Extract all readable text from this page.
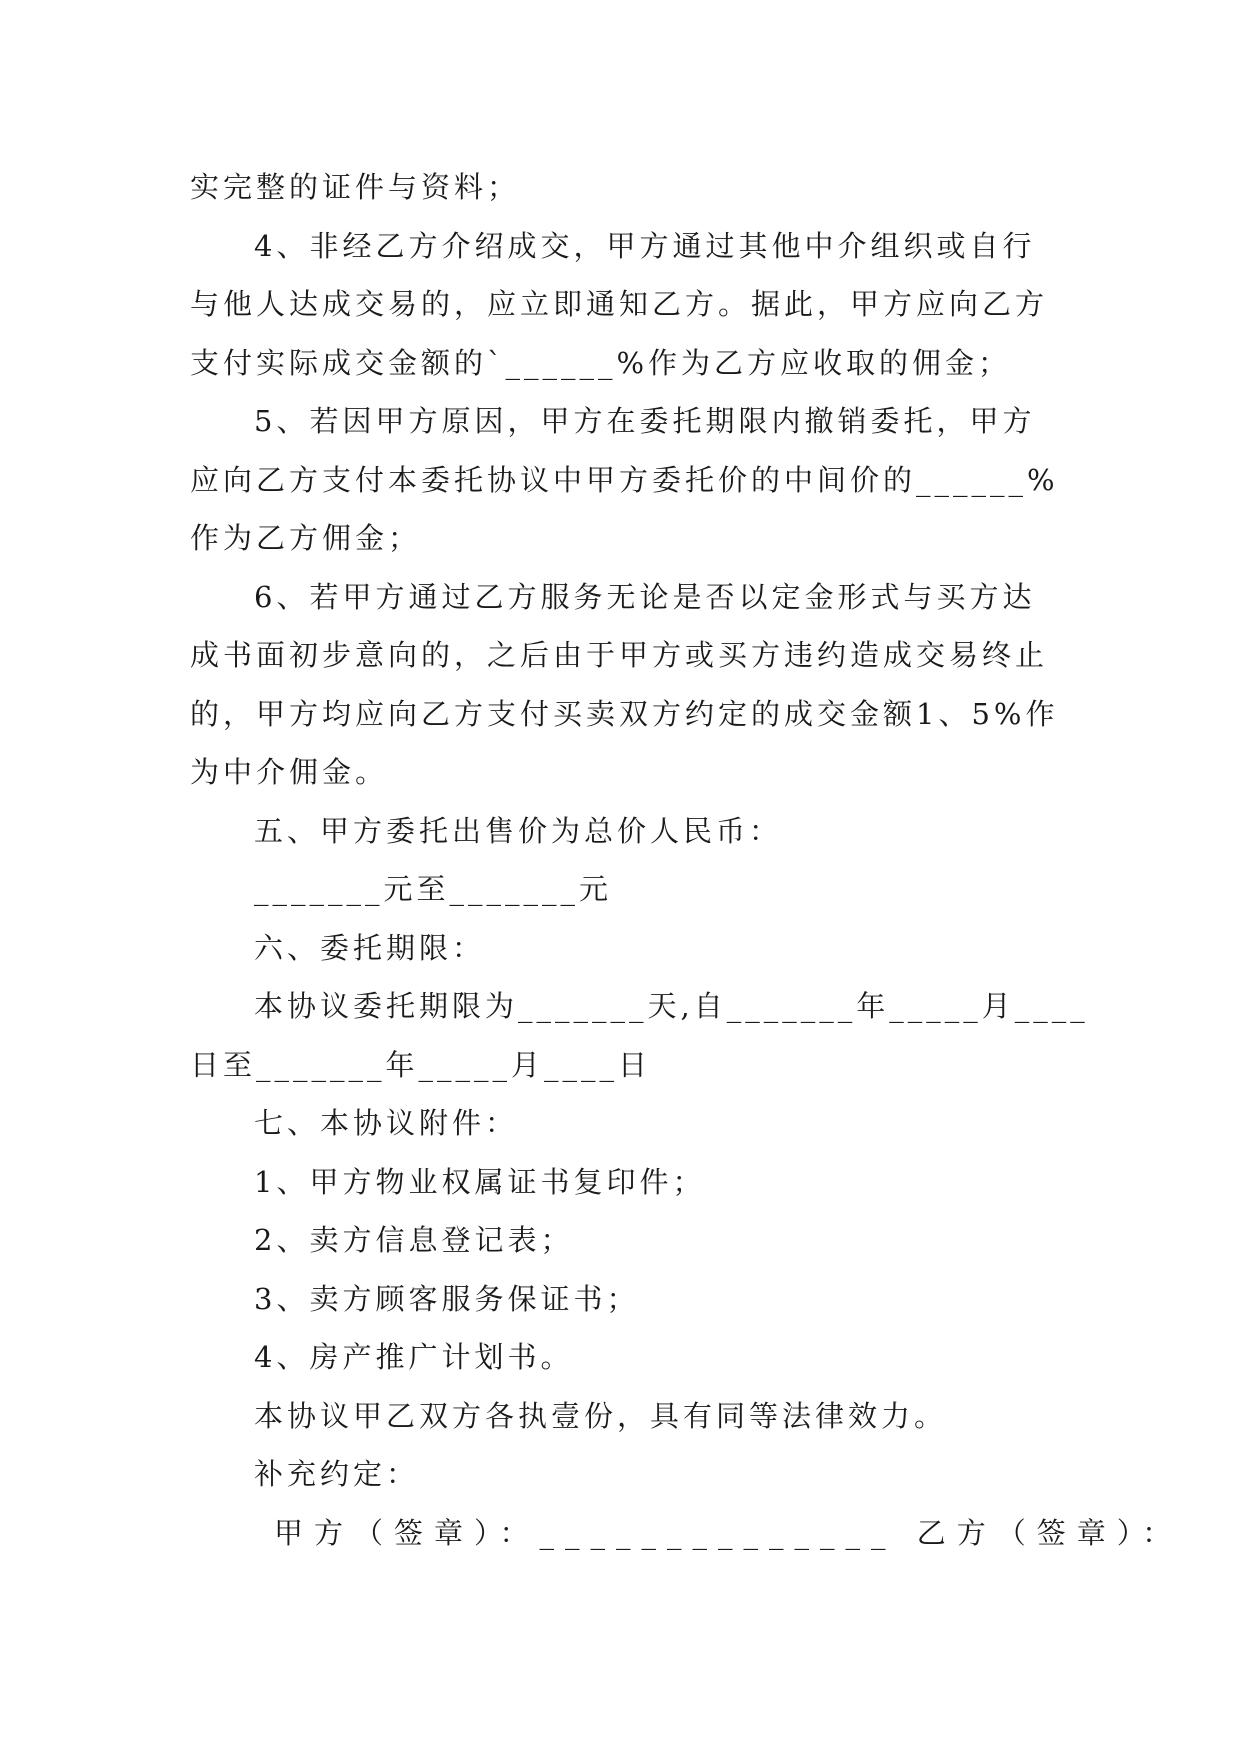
实完整的证件与资料；
4、非经乙方介绍成交，甲方通过其他中介组织或自行
与他人达成交易的，应立即通知乙方。据此，甲方应向乙方
支付实际成交金额的`______%作为乙方应收取的佣金；
5、若因甲方原因，甲方在委托期限内撤销委托，甲方
应向乙方支付本委托协议中甲方委托价的中间价的______%
作为乙方佣金；
6、若甲方通过乙方服务无论是否以定金形式与买方达
成书面初步意向的，之后由于甲方或买方违约造成交易终止
的，甲方均应向乙方支付买卖双方约定的成交金额1、5%作
为中介佣金。
五、甲方委托出售价为总价人民币：
_______元至_______元
六、委托期限：
本协议委托期限为_______天,自_______年_____月____
日至_______年_____月____日
七、本协议附件：
1、甲方物业权属证书复印件；
2、卖方信息登记表；
3、卖方顾客服务保证书；
4、房产推广计划书。
本协议甲乙双方各执壹份，具有同等法律效力。
补充约定：
甲方（签章）：______________ 乙方（签章）：
